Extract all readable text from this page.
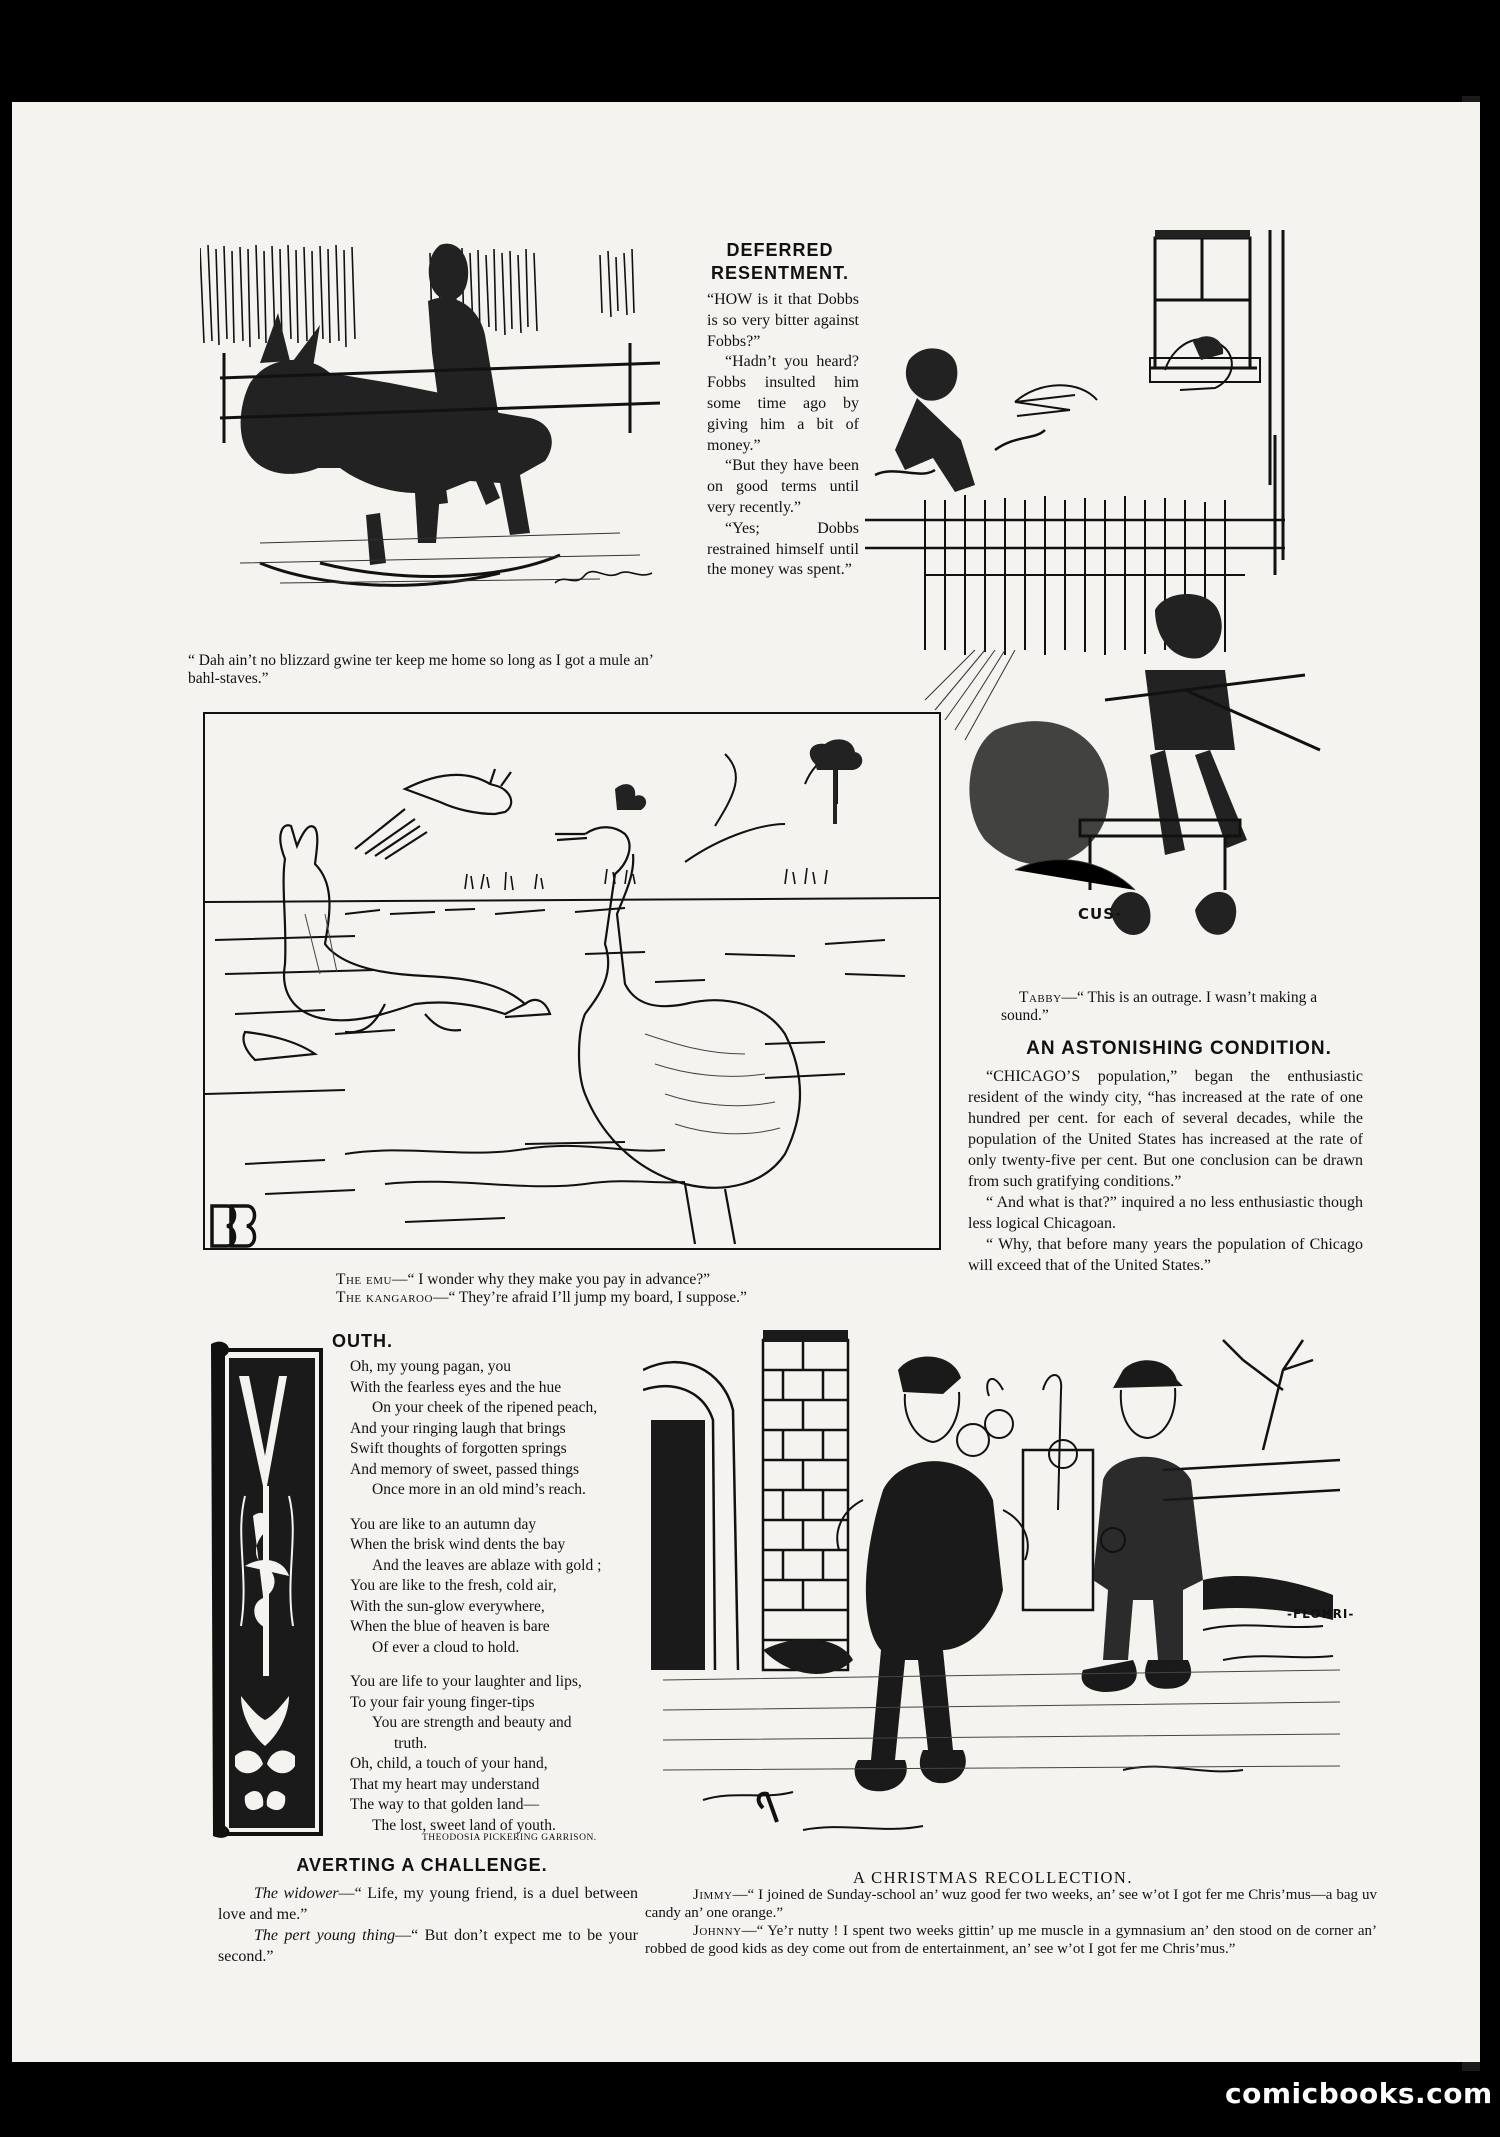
“ Dah ain’t no blizzard gwine ter keep me home so long as I got a mule an’ bahl-staves.”
DEFERRED
RESENTMENT.

“HOW is it that Dobbs is so very bitter against Fobbs?”

“Hadn’t you heard? Fobbs insulted him some time ago by giving him a bit of money.”

“But they have been on good terms until very recently.”

“Yes; Dobbs restrained himself until the money was spent.”

CUS-
Tabby—“ This is an outrage. I wasn’t making a sound.”
AN ASTONISHING CONDITION.

“CHICAGO’S population,” began the enthusiastic resident of the windy city, “has increased at the rate of one hundred per cent. for each of several decades, while the population of the United States has increased at the rate of only twenty-five per cent. But one conclusion can be drawn from such gratifying conditions.”

“ And what is that?” inquired a no less enthusiastic though less logical Chicagoan.

“ Why, that before many years the population of Chicago will exceed that of the United States.”

The emu—“ I wonder why they make you pay in advance?”
The kangaroo—“ They’re afraid I’ll jump my board, I suppose.”
OUTH.
Oh, my young pagan, you
With the fearless eyes and the hue
On your cheek of the ripened peach,
And your ringing laugh that brings
Swift thoughts of forgotten springs
And memory of sweet, passed things
Once more in an old mind’s reach.
You are like to an autumn day
When the brisk wind dents the bay
And the leaves are ablaze with gold ;
You are like to the fresh, cold air,
With the sun-glow everywhere,
When the blue of heaven is bare
Of ever a cloud to hold.
You are life to your laughter and lips,
To your fair young finger-tips
You are strength and beauty and
truth.
Oh, child, a touch of your hand,
That my heart may understand
The way to that golden land—
The lost, sweet land of youth.
THEODOSIA PICKERING GARRISON.
-FLOHRI-
A CHRISTMAS RECOLLECTION.
Jimmy—“ I joined de Sunday-school an’ wuz good fer two weeks, an’ see w’ot I got fer me Chris’mus—a bag uv candy an’ one orange.”
Johnny—“ Ye’r nutty ! I spent two weeks gittin’ up me muscle in a gymnasium an’ den stood on de corner an’ robbed de good kids as dey come out from de entertainment, an’ see w’ot I got fer me Chris’mus.”
AVERTING A CHALLENGE.

The widower—“ Life, my young friend, is a duel between love and me.”

The pert young thing—“ But don’t expect me to be your second.”

comicbooks.com
